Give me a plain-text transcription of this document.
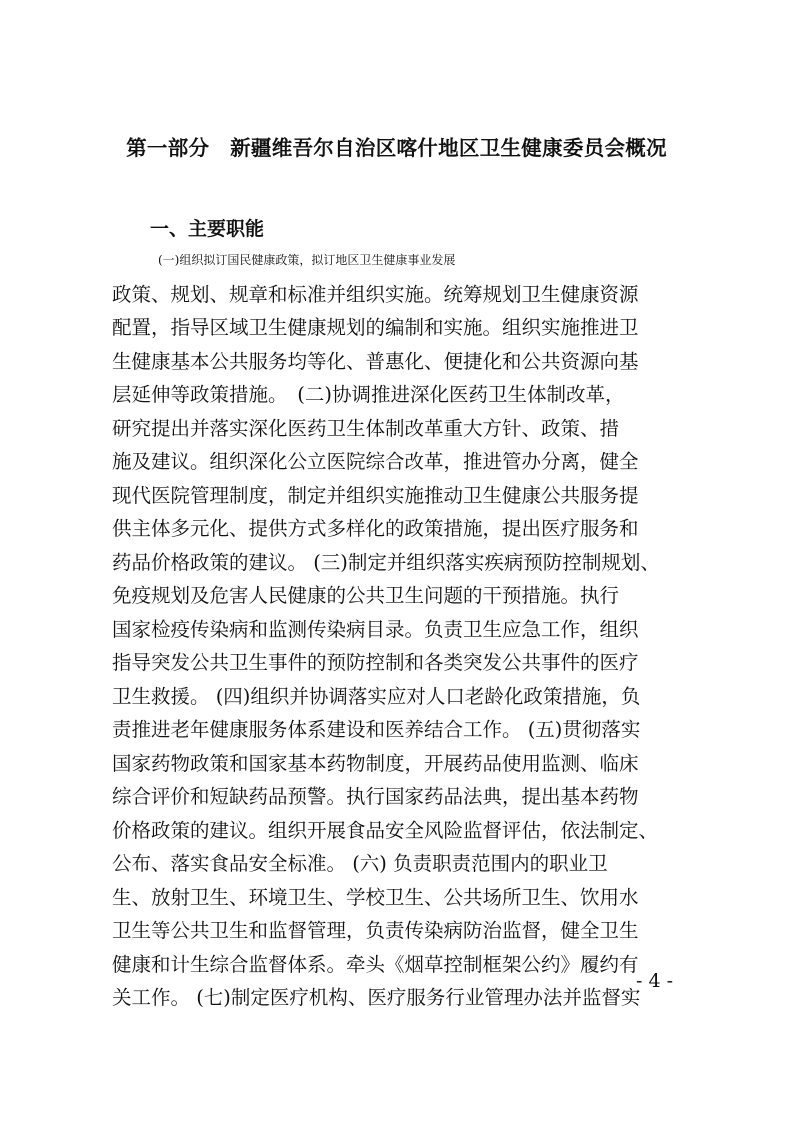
第一部分　新疆维吾尔自治区喀什地区卫生健康委员会概况
一、主要职能
(一)组织拟订国民健康政策，拟订地区卫生健康事业发展
政策、规划、规章和标准并组织实施。统筹规划卫生健康资源
配置，指导区域卫生健康规划的编制和实施。组织实施推进卫
生健康基本公共服务均等化、普惠化、便捷化和公共资源向基
层延伸等政策措施。　(二)协调推进深化医药卫生体制改革，
研究提出并落实深化医药卫生体制改革重大方针、政策、措
施及建议。组织深化公立医院综合改革，推进管办分离，健全
现代医院管理制度，制定并组织实施推动卫生健康公共服务提
供主体多元化、提供方式多样化的政策措施，提出医疗服务和
药品价格政策的建议。 (三)制定并组织落实疾病预防控制规划、
免疫规划及危害人民健康的公共卫生问题的干预措施。执行
国家检疫传染病和监测传染病目录。负责卫生应急工作，组织
指导突发公共卫生事件的预防控制和各类突发公共事件的医疗
卫生救援。 (四)组织并协调落实应对人口老龄化政策措施，负
责推进老年健康服务体系建设和医养结合工作。 (五)贯彻落实
国家药物政策和国家基本药物制度，开展药品使用监测、临床
综合评价和短缺药品预警。执行国家药品法典，提出基本药物
价格政策的建议。组织开展食品安全风险监督评估，依法制定、
公布、落实食品安全标准。 (六) 负责职责范围内的职业卫
生、放射卫生、环境卫生、学校卫生、公共场所卫生、饮用水
卫生等公共卫生和监督管理，负责传染病防治监督，健全卫生
健康和计生综合监督体系。牵头《烟草控制框架公约》履约有
关工作。 (七)制定医疗机构、医疗服务行业管理办法并监督实
- 4 -
